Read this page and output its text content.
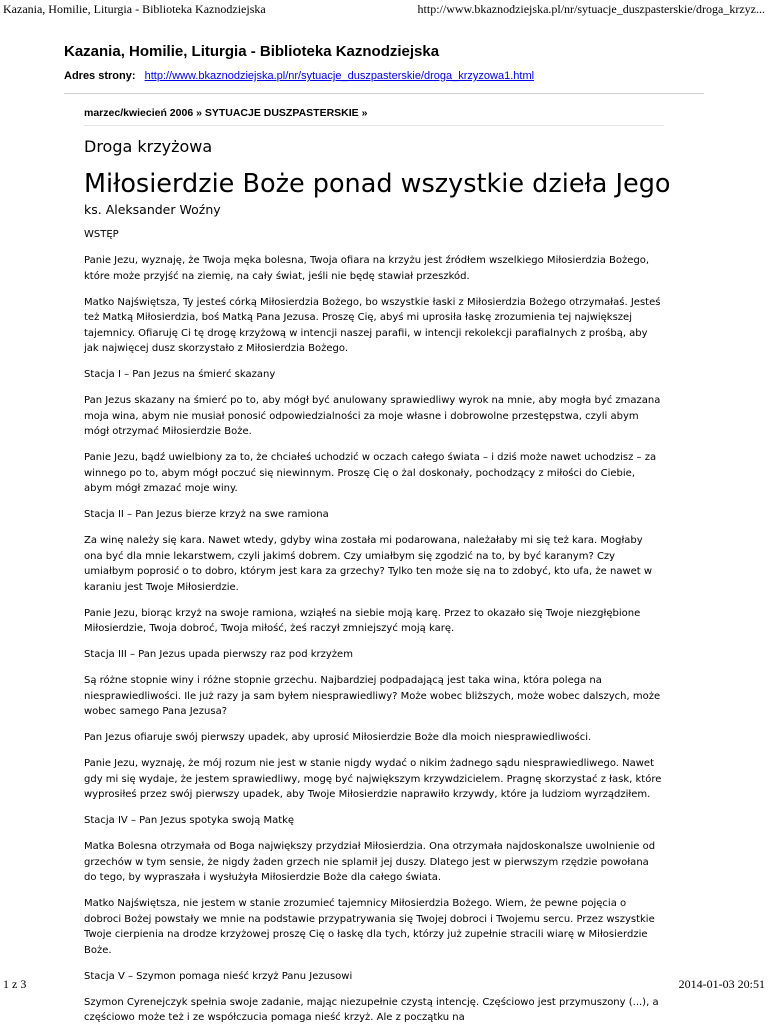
Kazania, Homilie, Liturgia - Biblioteka Kaznodziejska	http://www.bkaznodziejska.pl/nr/sytuacje_duszpasterskie/droga_krzyz...
Kazania, Homilie, Liturgia - Biblioteka Kaznodziejska
Adres strony: http://www.bkaznodziejska.pl/nr/sytuacje_duszpasterskie/droga_krzyzowa1.html
marzec/kwiecień 2006 » SYTUACJE DUSZPASTERSKIE »
Droga krzyżowa
Miłosierdzie Boże ponad wszystkie dzieła Jego
ks. Aleksander Woźny

WSTĘP

Panie Jezu, wyznaję, że Twoja męka bolesna, Twoja ofiara na krzyżu jest źródłem wszelkiego Miłosierdzia Bożego, które może przyjść na ziemię, na cały świat, jeśli nie będę stawiał przeszkód.

Matko Najświętsza, Ty jesteś córką Miłosierdzia Bożego, bo wszystkie łaski z Miłosierdzia Bożego otrzymałaś. Jesteś też Matką Miłosierdzia, boś Matką Pana Jezusa. Proszę Cię, abyś mi uprosiła łaskę zrozumienia tej największej tajemnicy. Ofiaruję Ci tę drogę krzyżową w intencji naszej parafii, w intencji rekolekcji parafialnych z prośbą, aby jak najwięcej dusz skorzystało z Miłosierdzia Bożego.

Stacja I – Pan Jezus na śmierć skazany

Pan Jezus skazany na śmierć po to, aby mógł być anulowany sprawiedliwy wyrok na mnie, aby mogła być zmazana moja wina, abym nie musiał ponosić odpowiedzialności za moje własne i dobrowolne przestępstwa, czyli abym mógł otrzymać Miłosierdzie Boże.

Panie Jezu, bądź uwielbiony za to, że chciałeś uchodzić w oczach całego świata – i dziś może nawet uchodzisz – za winnego po to, abym mógł poczuć się niewinnym. Proszę Cię o żal doskonały, pochodzący z miłości do Ciebie, abym mógł zmazać moje winy.

Stacja II – Pan Jezus bierze krzyż na swe ramiona

Za winę należy się kara. Nawet wtedy, gdyby wina została mi podarowana, należałaby mi się też kara. Mogłaby ona być dla mnie lekarstwem, czyli jakimś dobrem. Czy umiałbym się zgodzić na to, by być karanym? Czy umiałbym poprosić o to dobro, którym jest kara za grzechy? Tylko ten może się na to zdobyć, kto ufa, że nawet w karaniu jest Twoje Miłosierdzie.

Panie Jezu, biorąc krzyż na swoje ramiona, wziąłeś na siebie moją karę. Przez to okazało się Twoje niezgłębione Miłosierdzie, Twoja dobroć, Twoja miłość, żeś raczył zmniejszyć moją karę.

Stacja III – Pan Jezus upada pierwszy raz pod krzyżem

Są różne stopnie winy i różne stopnie grzechu. Najbardziej podpadającą jest taka wina, która polega na niesprawiedliwości. Ile już razy ja sam byłem niesprawiedliwy? Może wobec bliższych, może wobec dalszych, może wobec samego Pana Jezusa?

Pan Jezus ofiaruje swój pierwszy upadek, aby uprosić Miłosierdzie Boże dla moich niesprawiedliwości.

Panie Jezu, wyznaję, że mój rozum nie jest w stanie nigdy wydać o nikim żadnego sądu niesprawiedliwego. Nawet gdy mi się wydaje, że jestem sprawiedliwy, mogę być największym krzywdzicielem. Pragnę skorzystać z łask, które wyprosiłeś przez swój pierwszy upadek, aby Twoje Miłosierdzie naprawiło krzywdy, które ja ludziom wyrządziłem.

Stacja IV – Pan Jezus spotyka swoją Matkę

Matka Bolesna otrzymała od Boga największy przydział Miłosierdzia. Ona otrzymała najdoskonalsze uwolnienie od grzechów w tym sensie, że nigdy żaden grzech nie splamił jej duszy. Dlatego jest w pierwszym rzędzie powołana do tego, by wypraszała i wysłużyła Miłosierdzie Boże dla całego świata.

Matko Najświętsza, nie jestem w stanie zrozumieć tajemnicy Miłosierdzia Bożego. Wiem, że pewne pojęcia o dobroci Bożej powstały we mnie na podstawie przypatrywania się Twojej dobroci i Twojemu sercu. Przez wszystkie Twoje cierpienia na drodze krzyżowej proszę Cię o łaskę dla tych, którzy już zupełnie stracili wiarę w Miłosierdzie Boże.

Stacja V – Szymon pomaga nieść krzyż Panu Jezusowi

Szymon Cyrenejczyk spełnia swoje zadanie, mając niezupełnie czystą intencję. Częściowo jest przymuszony (...), a częściowo może też i ze współczucia pomaga nieść krzyż. Ale z początku na

1 z 3	2014-01-03 20:51
